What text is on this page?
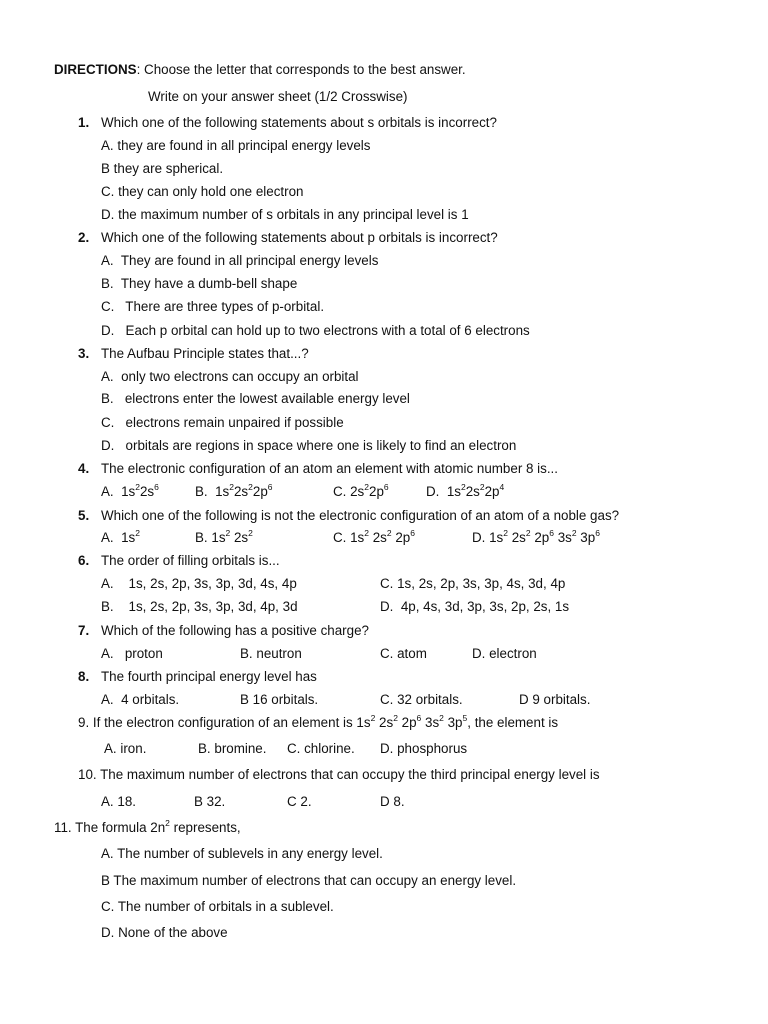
DIRECTIONS: Choose the letter that corresponds to the best answer.
Write on your answer sheet (1/2 Crosswise)
1. Which one of the following statements about s orbitals is incorrect?
A. they are found in all principal energy levels
B they are spherical.
C. they can only hold one electron
D. the maximum number of s orbitals in any principal level is 1
2. Which one of the following statements about p orbitals is incorrect?
A.  They are found in all principal energy levels
B.  They have a dumb-bell shape
C.   There are three types of p-orbital.
D.   Each p orbital can hold up to two electrons with a total of 6 electrons
3. The Aufbau Principle states that...?
A.  only two electrons can occupy an orbital
B.   electrons enter the lowest available energy level
C.   electrons remain unpaired if possible
D.   orbitals are regions in space where one is likely to find an electron
4. The electronic configuration of an atom an element with atomic number 8 is...
A.  $1s^22s^6$	B.  $1s^22s^22p^6$	C. $2s^22p^6$	D.  $1s^22s^22p^4$
5. Which one of the following is not the electronic configuration of an atom of a noble gas?
A.  $1s^2$	B. $1s^2$ $2s^2$	C. $1s^2$ $2s^2$ $2p^6$	D. $1s^2$ $2s^2$ $2p^6$ $3s^2$ $3p^6$
6. The order of filling orbitals is...
A.    1s, 2s, 2p, 3s, 3p, 3d, 4s, 4p	C. 1s, 2s, 2p, 3s, 3p, 4s, 3d, 4p
B.    1s, 2s, 2p, 3s, 3p, 3d, 4p, 3d	D.  4p, 4s, 3d, 3p, 3s, 2p, 2s, 1s
7. Which of the following has a positive charge?
A.   proton	B. neutron	C. atom	D. electron
8. The fourth principal energy level has
A.  4 orbitals.	B 16 orbitals.	C. 32 orbitals.	D 9 orbitals.
9. If the electron configuration of an element is $1s^2$ $2s^2$ $2p^6$ $3s^2$ $3p^5$, the element is
A. iron.	B. bromine. C. chlorine. D. phosphorus
10. The maximum number of electrons that can occupy the third principal energy level is
A. 18.	B 32.	C 2.	D 8.
11. The formula $2n^2$ represents,
A. The number of sublevels in any energy level.
B The maximum number of electrons that can occupy an energy level.
C. The number of orbitals in a sublevel.
D. None of the above
